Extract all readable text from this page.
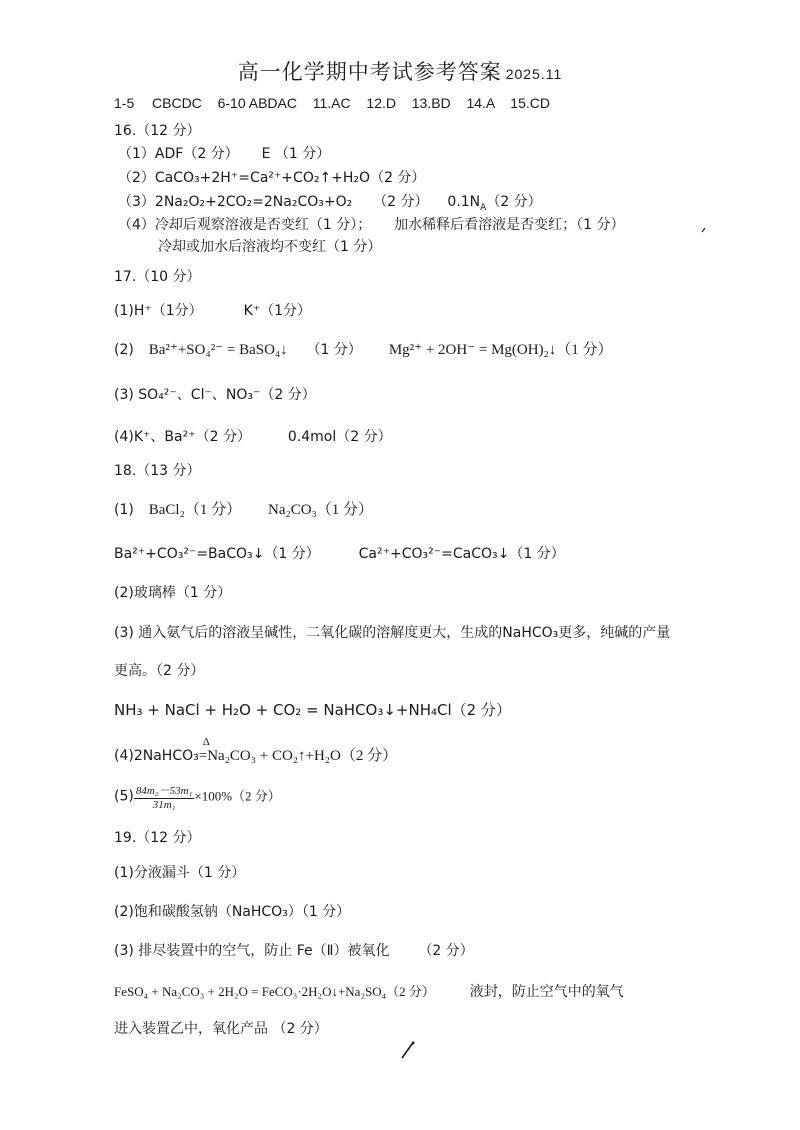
高一化学期中考试参考答案 2025.11
1-5 CBCDC 6-10 ABDAC 11.AC 12.D 13.BD 14.A 15.CD
16.（12 分）
（1）ADF（2 分） E （1 分）
（2）CaCO₃+2H⁺=Ca²⁺+CO₂↑+H₂O（2 分）
（3）2Na₂O₂+2CO₂=2Na₂CO₃+O₂ （2 分） $0.1N_A(2$ 分）
（4）冷却后观察溶液是否变红（1 分）； 加水稀释后看溶液是否变红；（1 分）
冷却或加水后溶液均不变红（1 分）
17.（10 分）
(1)H⁺（1分）	K⁺（1分）
(2) Ba²⁺+SO₄²⁻ = BaSO₄↓ （1 分） Mg²⁺ + 2OH⁻ = Mg(OH)₂↓（1 分）
(3) SO₄²⁻、Cl⁻、NO₃⁻（2 分）
(4)K⁺、Ba²⁺（2 分）	0.4mol（2 分）
18.（13 分）
(1) BaCl₂（1 分） Na₂CO₃（1 分）
Ba²⁺+CO₃²⁻=BaCO₃↓（1 分）	Ca²⁺+CO₃²⁻=CaCO₃↓（1 分）
(2)玻璃棒（1 分）
(3) 通入氨气后的溶液呈碱性，二氧化碳的溶解度更大，生成的NaHCO₃更多，纯碱的产量
更高。（2 分）
NH₃ + NaCl + H₂O + CO₂ = NaHCO₃↓+NH₄Cl（2 分）
(4)2NaHCO₃
Δ
=Na₂CO₃ + CO₂↑+H₂O（2 分）
$(5) \frac{\text{84m₂－53m₁}}{\text{31m₁}} \times 100\%(2$ 分）
19.（12 分）
(1)分液漏斗（1 分）
(2)饱和碳酸氢钠（NaHCO₃）（1 分）
(3) 排尽装置中的空气，防止 Fe（Ⅱ）被氧化 （2 分）
FeSO₄ + Na₂CO₃ + 2H₂O = FeCO₃·2H₂O↓+Na₂SO₄（2 分） 液封，防止空气中的氧气
进入装置乙中，氧化产品 （2 分）
